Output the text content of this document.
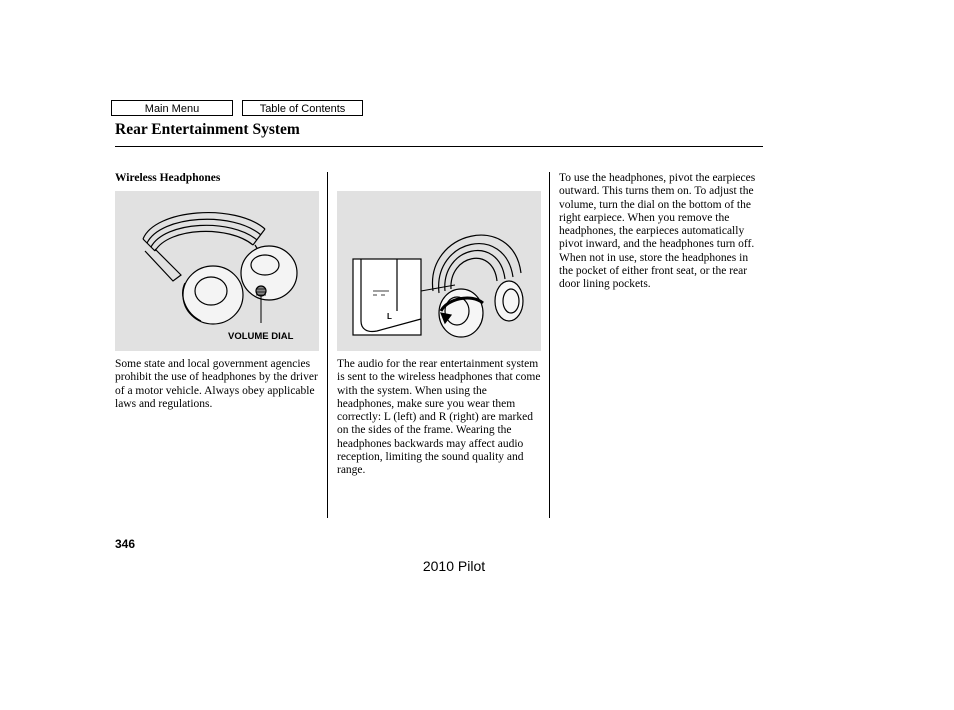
Main Menu	Table of Contents
Rear Entertainment System
Wireless Headphones
VOLUME DIAL
L

Some state and local government agencies prohibit the use of headphones by the driver of a motor vehicle. Always obey applicable laws and regulations.

The audio for the rear entertainment system is sent to the wireless headphones that come with the system. When using the headphones, make sure you wear them correctly: L (left) and R (right) are marked on the sides of the frame. Wearing the headphones backwards may affect audio reception, limiting the sound quality and range.

To use the headphones, pivot the earpieces outward. This turns them on. To adjust the volume, turn the dial on the bottom of the right earpiece. When you remove the headphones, the earpieces automatically pivot inward, and the headphones turn off. When not in use, store the headphones in the pocket of either front seat, or the rear door lining pockets.

346
2010 Pilot
